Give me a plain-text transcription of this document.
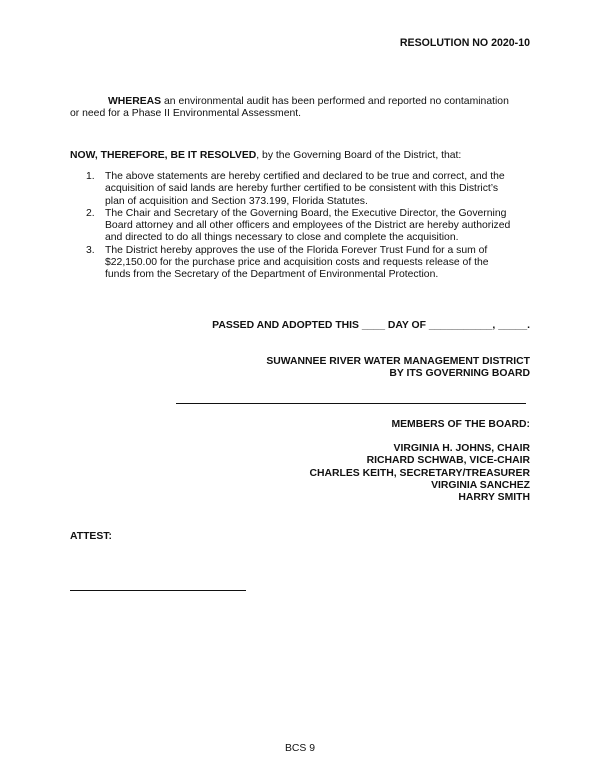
RESOLUTION NO 2020-10
WHEREAS an environmental audit has been performed and reported no contamination
or need for a Phase II Environmental Assessment.
NOW, THEREFORE, BE IT RESOLVED, by the Governing Board of the District, that:
1. The above statements are hereby certified and declared to be true and correct, and the
acquisition of said lands are hereby further certified to be consistent with this District’s
plan of acquisition and Section 373.199, Florida Statutes.
2. The Chair and Secretary of the Governing Board, the Executive Director, the Governing
Board attorney and all other officers and employees of the District are hereby authorized
and directed to do all things necessary to close and complete the acquisition.
3. The District hereby approves the use of the Florida Forever Trust Fund for a sum of
$22,150.00 for the purchase price and acquisition costs and requests release of the
funds from the Secretary of the Department of Environmental Protection.
PASSED AND ADOPTED THIS ____ DAY OF ___________, _____.
SUWANNEE RIVER WATER MANAGEMENT DISTRICT
BY ITS GOVERNING BOARD
MEMBERS OF THE BOARD:
VIRGINIA H. JOHNS, CHAIR
RICHARD SCHWAB, VICE-CHAIR
CHARLES KEITH, SECRETARY/TREASURER
VIRGINIA SANCHEZ
HARRY SMITH
ATTEST:
BCS 9
